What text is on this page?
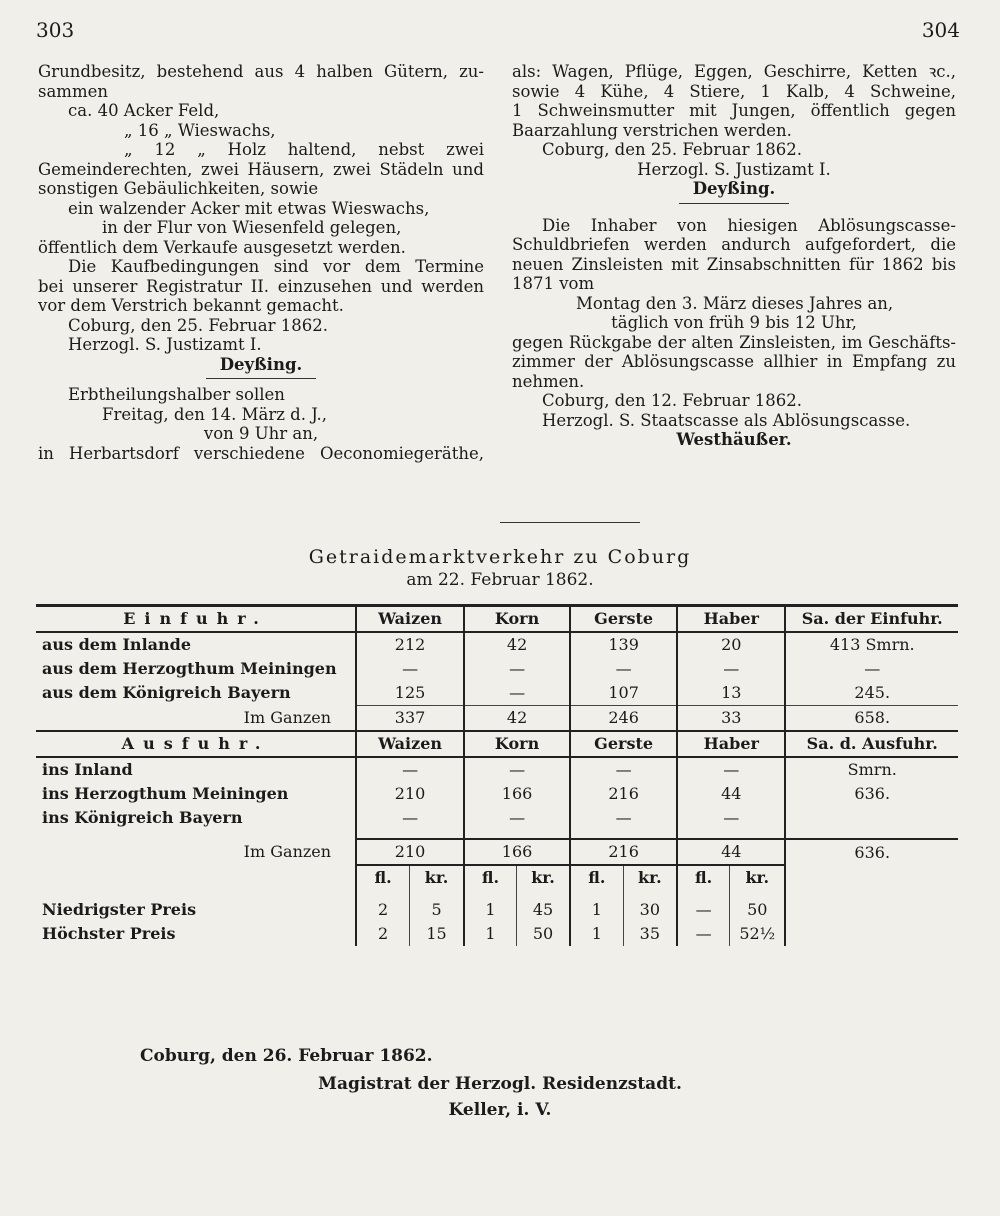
303	304
Grundbesitz, bestehend aus 4 halben Gütern, zu-
sammen
ca. 40 Acker Feld,
„ 16 „ Wieswachs,
„ 12 „ Holz haltend, nebst zwei
Gemeinderechten, zwei Häusern, zwei Städeln und
sonstigen Gebäulichkeiten, sowie
ein walzender Acker mit etwas Wieswachs,
in der Flur von Wiesenfeld gelegen,
öffentlich dem Verkaufe ausgesetzt werden.
Die Kaufbedingungen sind vor dem Termine
bei unserer Registratur II. einzusehen und werden
vor dem Verstrich bekannt gemacht.
Coburg, den 25. Februar 1862.
Herzogl. S. Justizamt I.
Deyßing.
Erbtheilungshalber sollen
Freitag, den 14. März d. J.,
von 9 Uhr an,
in Herbartsdorf verschiedene Oeconomiegeräthe,
als: Wagen, Pflüge, Eggen, Geschirre, Ketten ꝛc.,
sowie 4 Kühe, 4 Stiere, 1 Kalb, 4 Schweine,
1 Schweinsmutter mit Jungen, öffentlich gegen
Baarzahlung verstrichen werden.
Coburg, den 25. Februar 1862.
Herzogl. S. Justizamt I.
Deyßing.
Die Inhaber von hiesigen Ablösungscasse-
Schuldbriefen werden andurch aufgefordert, die
neuen Zinsleisten mit Zinsabschnitten für 1862 bis
1871 vom
Montag den 3. März dieses Jahres an,
täglich von früh 9 bis 12 Uhr,
gegen Rückgabe der alten Zinsleisten, im Geschäfts-
zimmer der Ablösungscasse allhier in Empfang zu
nehmen.
Coburg, den 12. Februar 1862.
Herzogl. S. Staatscasse als Ablösungscasse.
Westhäußer.
Getraidemarktverkehr zu Coburg
am 22. Februar 1862.
Einfuhr.	Waizen		Korn		Gerste		Haber		Sa. der Einfuhr.
aus dem Inlande	212		42		139		20		413 Smrn.
aus dem Herzogthum Meiningen	—		—		—		—		—
aus dem Königreich Bayern	125		—		107		13		245.
Im Ganzen	337		42		246		33		658.
Ausfuhr.	Waizen		Korn		Gerste		Haber		Sa. d. Ausfuhr.
ins Inland	—		—		—		—		Smrn.
ins Herzogthum Meiningen	210		166		216		44		636.
ins Königreich Bayern	—		—		—		—		

Im Ganzen	210		166		216		44		636.
	fl.	kr.	fl.	kr.	fl.	kr.	fl.	kr.	

Niedrigster Preis	2	5	1	45	1	30	—	50	
Höchster Preis	2	15	1	50	1	35	—	52½	
Coburg, den 26. Februar 1862.
Magistrat der Herzogl. Residenzstadt.
Keller, i. V.
